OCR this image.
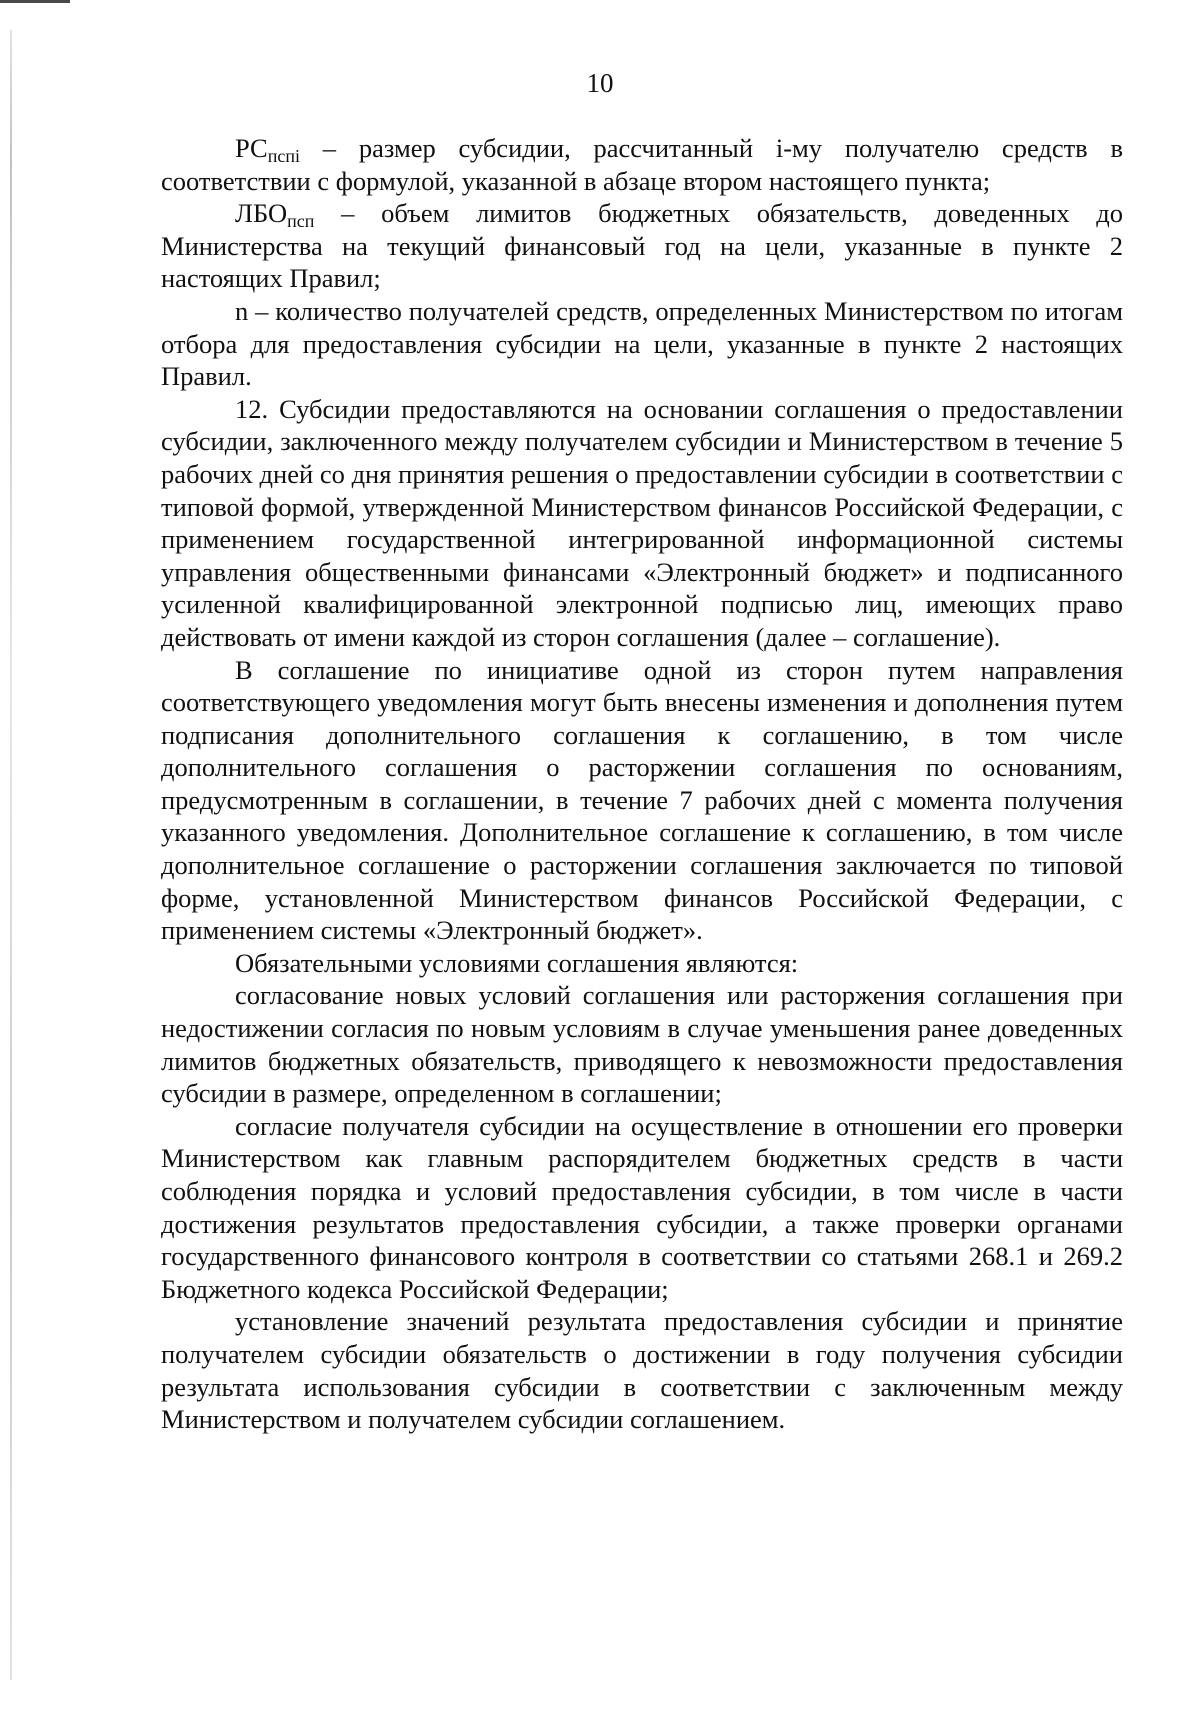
10

$РС_{пспi}$ – размер субсидии, рассчитанный i-му получателю средств в соответствии с формулой, указанной в абзаце втором настоящего пункта;

$ЛБО_{псп}$ – объем лимитов бюджетных обязательств, доведенных до Министерства на текущий финансовый год на цели, указанные в пункте 2 настоящих Правил;

n – количество получателей средств, определенных Министерством по итогам отбора для предоставления субсидии на цели, указанные в пункте 2 настоящих Правил.

12. Субсидии предоставляются на основании соглашения о предоставлении субсидии, заключенного между получателем субсидии и Министерством в течение 5 рабочих дней со дня принятия решения о предоставлении субсидии в соответствии с типовой формой, утвержденной Министерством финансов Российской Федерации, с применением государственной интегрированной информационной системы управления общественными финансами «Электронный бюджет» и подписанного усиленной квалифицированной электронной подписью лиц, имеющих право действовать от имени каждой из сторон соглашения (далее – соглашение).

В соглашение по инициативе одной из сторон путем направления соответствующего уведомления могут быть внесены изменения и дополнения путем подписания дополнительного соглашения к соглашению, в том числе дополнительного соглашения о расторжении соглашения по основаниям, предусмотренным в соглашении, в течение 7 рабочих дней с момента получения указанного уведомления. Дополнительное соглашение к соглашению, в том числе дополнительное соглашение о расторжении соглашения заключается по типовой форме, установленной Министерством финансов Российской Федерации, с применением системы «Электронный бюджет».

Обязательными условиями соглашения являются:

согласование новых условий соглашения или расторжения соглашения при недостижении согласия по новым условиям в случае уменьшения ранее доведенных лимитов бюджетных обязательств, приводящего к невозможности предоставления субсидии в размере, определенном в соглашении;

согласие получателя субсидии на осуществление в отношении его проверки Министерством как главным распорядителем бюджетных средств в части соблюдения порядка и условий предоставления субсидии, в том числе в части достижения результатов предоставления субсидии, а также проверки органами государственного финансового контроля в соответствии со статьями 268.1 и 269.2 Бюджетного кодекса Российской Федерации;

установление значений результата предоставления субсидии и принятие получателем субсидии обязательств о достижении в году получения субсидии результата использования субсидии в соответствии с заключенным между Министерством и получателем субсидии соглашением.
